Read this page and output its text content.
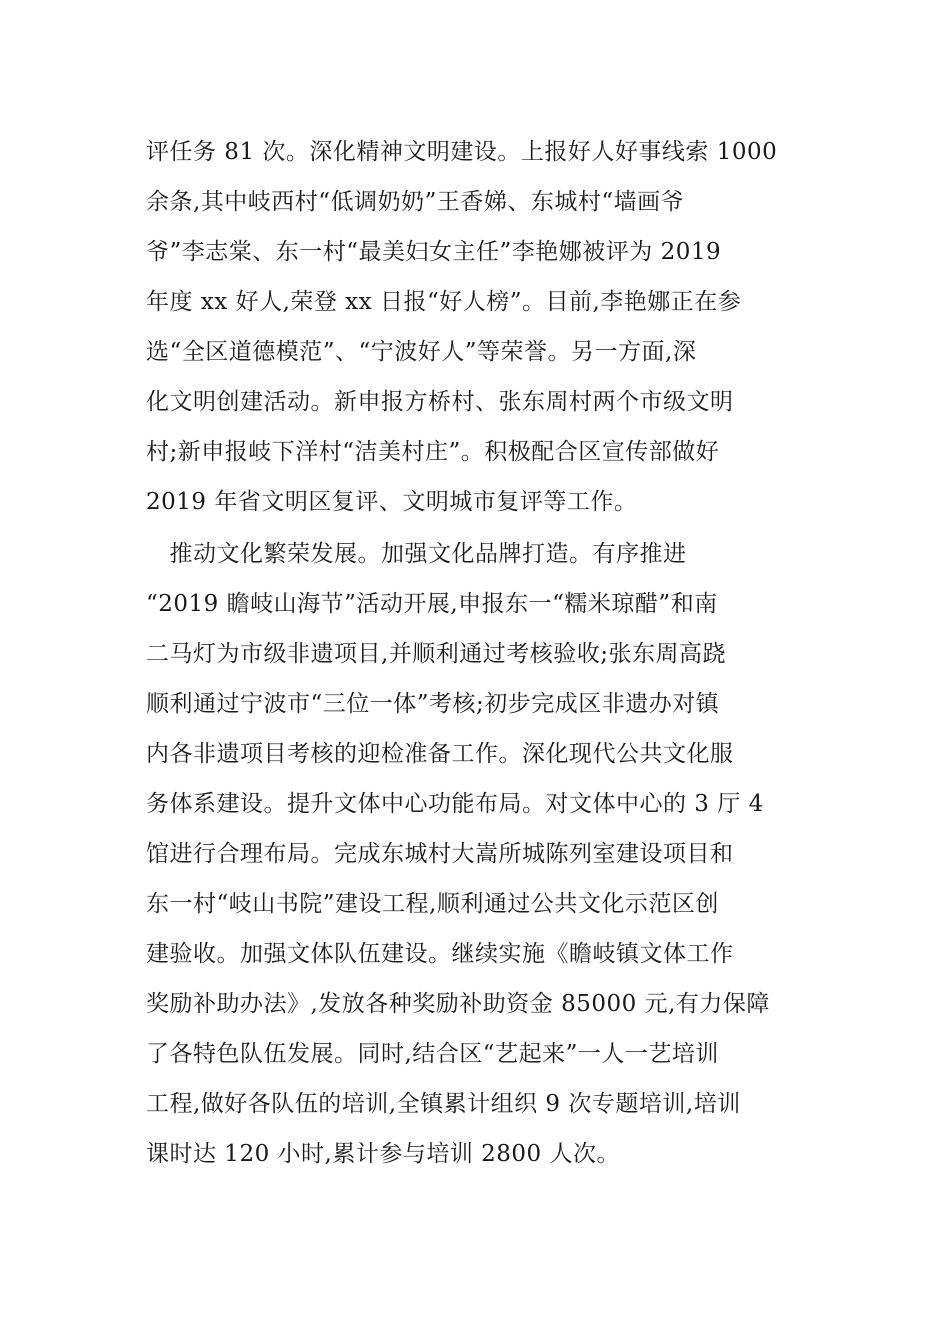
评任务 81 次。深化精神文明建设。上报好人好事线索 1000
余条,其中岐西村“低调奶奶”王香娣、东城村“墙画爷
爷”李志棠、东一村“最美妇女主任”李艳娜被评为 2019
年度 xx 好人,荣登 xx 日报“好人榜”。目前,李艳娜正在参
选“全区道德模范”、“宁波好人”等荣誉。另一方面,深
化文明创建活动。新申报方桥村、张东周村两个市级文明
村;新申报岐下洋村“洁美村庄”。积极配合区宣传部做好
2019 年省文明区复评、文明城市复评等工作。
　推动文化繁荣发展。加强文化品牌打造。有序推进
“2019 瞻岐山海节”活动开展,申报东一“糯米琼醋”和南
二马灯为市级非遗项目,并顺利通过考核验收;张东周高跷
顺利通过宁波市“三位一体”考核;初步完成区非遗办对镇
内各非遗项目考核的迎检准备工作。深化现代公共文化服
务体系建设。提升文体中心功能布局。对文体中心的 3 厅 4
馆进行合理布局。完成东城村大嵩所城陈列室建设项目和
东一村“岐山书院”建设工程,顺利通过公共文化示范区创
建验收。加强文体队伍建设。继续实施《瞻岐镇文体工作
奖励补助办法》,发放各种奖励补助资金 85000 元,有力保障
了各特色队伍发展。同时,结合区“艺起来”一人一艺培训
工程,做好各队伍的培训,全镇累计组织 9 次专题培训,培训
课时达 120 小时,累计参与培训 2800 人次。
